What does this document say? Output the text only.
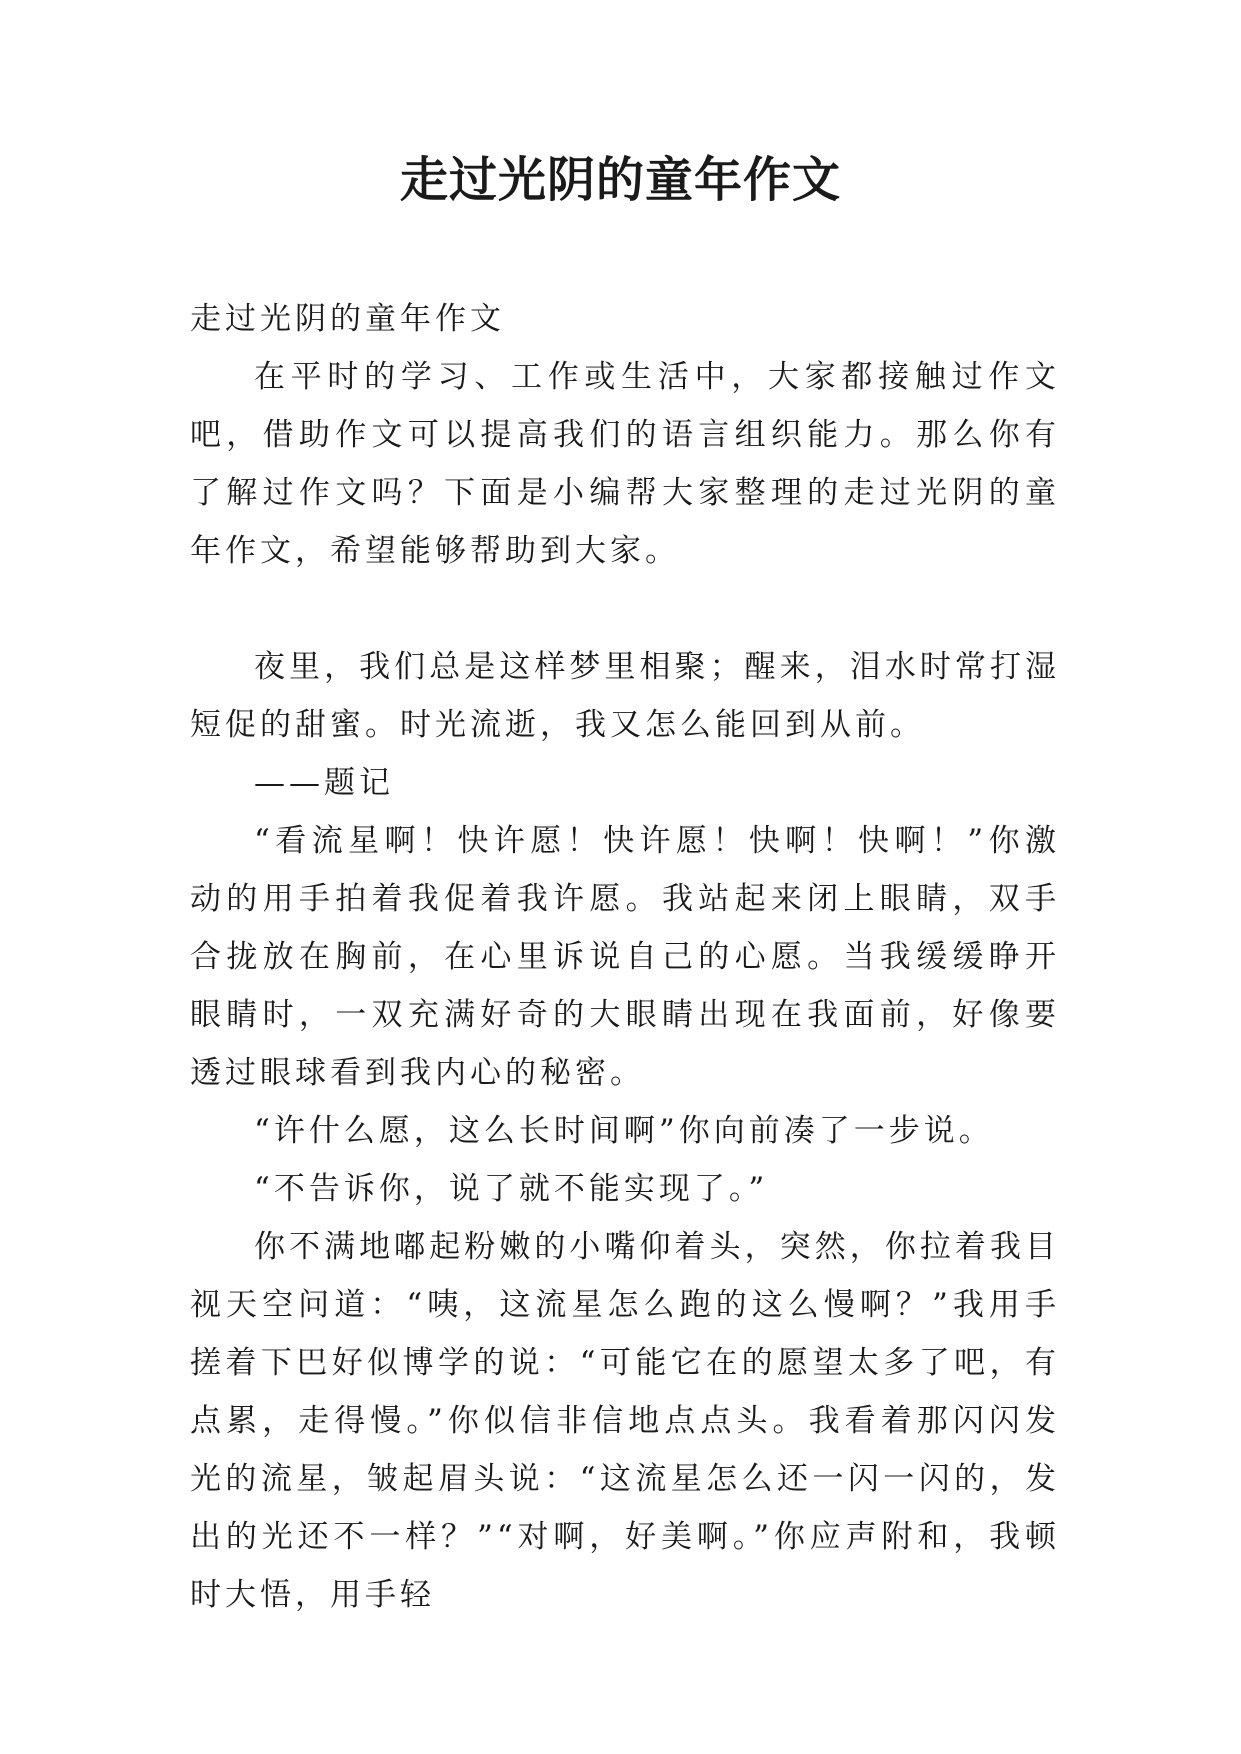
走过光阴的童年作文

走过光阴的童年作文

在平时的学习、工作或生活中，大家都接触过作文吧，借助作文可以提高我们的语言组织能力。那么你有了解过作文吗？下面是小编帮大家整理的走过光阴的童年作文，希望能够帮助到大家。

夜里，我们总是这样梦里相聚；醒来，泪水时常打湿短促的甜蜜。时光流逝，我又怎么能回到从前。

——题记

“看流星啊！快许愿！快许愿！快啊！快啊！”你激动的用手拍着我促着我许愿。我站起来闭上眼睛，双手合拢放在胸前，在心里诉说自己的心愿。当我缓缓睁开眼睛时，一双充满好奇的大眼睛出现在我面前，好像要透过眼球看到我内心的秘密。

“许什么愿，这么长时间啊”你向前凑了一步说。

“不告诉你，说了就不能实现了。”

你不满地嘟起粉嫩的小嘴仰着头，突然，你拉着我目视天空问道：“咦，这流星怎么跑的这么慢啊？”我用手搓着下巴好似博学的说：“可能它在的愿望太多了吧，有点累，走得慢。”你似信非信地点点头。我看着那闪闪发光的流星，皱起眉头说：“这流星怎么还一闪一闪的，发出的光还不一样？”“对啊，好美啊。”你应声附和，我顿时大悟，用手轻
